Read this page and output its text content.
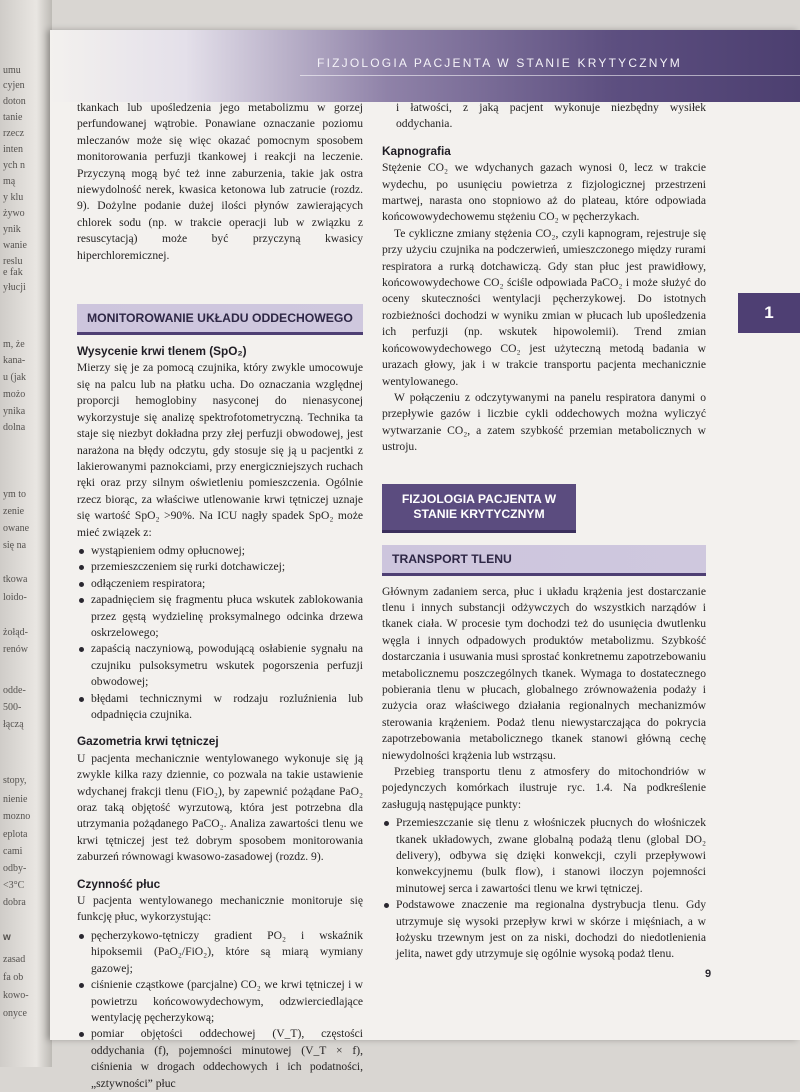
umu
cyjen
doton
tanie
rzecz
inten
ych n
mą
y klu
żywo
ynik
wanie
reslu
e fak
yłucji
m, że
kana-
u (jak
możo
ynika
dolna
ym to
zenie
owane
się na
tkowa
loido-
żołąd-
renów
odde-
500-
łączą
stopy,
nienie
mozno
eplota
cami
odby-
<3°C
dobra
w
zasad
fa ob
kowo-
onyce
FIZJOLOGIA PACJENTA W STANIE KRYTYCZNYM
1

tkankach lub upośledzenia jego metabolizmu w gorzej perfundowanej wątrobie. Ponawiane oznaczanie poziomu mleczanów może się więc okazać pomocnym sposobem monitorowania perfuzji tkankowej i reakcji na leczenie. Przyczyną mogą być też inne zaburzenia, takie jak ostra niewydolność nerek, kwasica ketonowa lub zatrucie (rozdz. 9). Dożylne podanie dużej ilości płynów zawierających chlorek sodu (np. w trakcie operacji lub w związku z resuscytacją) może być przyczyną kwasicy hiperchloremicznej.

MONITOROWANIE UKŁADU ODDECHOWEGO
Wysycenie krwi tlenem (SpO₂)

Mierzy się je za pomocą czujnika, który zwykle umocowuje się na palcu lub na płatku ucha. Do oznaczania względnej proporcji hemoglobiny nasyconej do nienasyconej wykorzystuje się analizę spektrofotometryczną. Technika ta staje się niezbyt dokładna przy złej perfuzji obwodowej, jest narażona na błędy odczytu, gdy stosuje się ją u pacjentki z lakierowanymi paznokciami, przy energiczniejszych ruchach ręki oraz przy silnym oświetleniu pomieszczenia. Ogólnie rzecz biorąc, za właściwe utlenowanie krwi tętniczej uznaje się wartość SpO₂ >90%. Na ICU nagły spadek SpO₂ może mieć związek z:

wystąpieniem odmy opłucnowej;
przemieszczeniem się rurki dotchawiczej;
odłączeniem respiratora;
zapadnięciem się fragmentu płuca wskutek zablokowania przez gęstą wydzielinę proksymalnego odcinka drzewa oskrzelowego;
zapaścią naczyniową, powodującą osłabienie sygnału na czujniku pulsoksymetru wskutek pogorszenia perfuzji obwodowej;
błędami technicznymi w rodzaju rozluźnienia lub odpadnięcia czujnika.
Gazometria krwi tętniczej

U pacjenta mechanicznie wentylowanego wykonuje się ją zwykle kilka razy dziennie, co pozwala na takie ustawienie wdychanej frakcji tlenu (FiO₂), by zapewnić pożądane PaO₂ oraz taką objętość wyrzutową, która jest potrzebna dla utrzymania pożądanego PaCO₂. Analiza zawartości tlenu we krwi tętniczej jest też dobrym sposobem monitorowania zaburzeń równowagi kwasowo-zasadowej (rozdz. 9).

Czynność płuc

U pacjenta wentylowanego mechanicznie monitoruje się funkcję płuc, wykorzystując:

pęcherzykowo-tętniczy gradient PO₂ i wskaźnik hipoksemii (PaO₂/FiO₂), które są miarą wymiany gazowej;
ciśnienie cząstkowe (parcjalne) CO₂ we krwi tętniczej i w powietrzu końcowowydechowym, odzwierciedlające wentylację pęcherzykową;
pomiar objętości oddechowej (V_T), częstości oddychania (f), pojemności minutowej (V_T × f), ciśnienia w drogach oddechowych i ich podatności, „sztywności” płuc

i łatwości, z jaką pacjent wykonuje niezbędny wysiłek oddychania.

Kapnografia

Stężenie CO₂ we wdychanych gazach wynosi 0, lecz w trakcie wydechu, po usunięciu powietrza z fizjologicznej przestrzeni martwej, narasta ono stopniowo aż do plateau, które odpowiada końcowowydechowemu stężeniu CO₂ w pęcherzykach.

Te cykliczne zmiany stężenia CO₂, czyli kapnogram, rejestruje się przy użyciu czujnika na podczerwień, umieszczonego między rurami respiratora a rurką dotchawiczą. Gdy stan płuc jest prawidłowy, końcowowydechowe CO₂ ściśle odpowiada PaCO₂ i może służyć do oceny skuteczności wentylacji pęcherzykowej. Do istotnych rozbieżności dochodzi w wyniku zmian w płucach lub upośledzenia ich perfuzji (np. wskutek hipowolemii). Trend zmian końcowowydechowego CO₂ jest użyteczną metodą badania w urazach głowy, jak i w trakcie transportu pacjenta mechanicznie wentylowanego.

W połączeniu z odczytywanymi na panelu respiratora danymi o przepływie gazów i liczbie cykli oddechowych można wyliczyć wytwarzanie CO₂, a zatem szybkość przemian metabolicznych w ustroju.

FIZJOLOGIA PACJENTA W STANIE KRYTYCZNYM
TRANSPORT TLENU

Głównym zadaniem serca, płuc i układu krążenia jest dostarczanie tlenu i innych substancji odżywczych do wszystkich narządów i tkanek ciała. W procesie tym dochodzi też do usunięcia dwutlenku węgla i innych odpadowych produktów metabolizmu. Szybkość dostarczania i usuwania musi sprostać konkretnemu zapotrzebowaniu metabolicznemu poszczególnych tkanek. Wymaga to dostatecznego pobierania tlenu w płucach, globalnego zrównoważenia podaży i zużycia oraz właściwego działania regionalnych mechanizmów sterowania krążeniem. Podaż tlenu niewystarczająca do pokrycia zapotrzebowania metabolicznego tkanek stanowi główną cechę niewydolności krążenia lub wstrząsu.

Przebieg transportu tlenu z atmosfery do mitochondriów w pojedynczych komórkach ilustruje ryc. 1.4. Na podkreślenie zasługują następujące punkty:

Przemieszczanie się tlenu z włośniczek płucnych do włośniczek tkanek układowych, zwane globalną podażą tlenu (global DO₂ delivery), odbywa się dzięki konwekcji, czyli przepływowi konwekcyjnemu (bulk flow), i stanowi iloczyn pojemności minutowej serca i zawartości tlenu we krwi tętniczej.
Podstawowe znaczenie ma regionalna dystrybucja tlenu. Gdy utrzymuje się wysoki przepływ krwi w skórze i mięśniach, a w łożysku trzewnym jest on za niski, dochodzi do niedotlenienia jelita, nawet gdy utrzymuje się ogólnie wysoką podaż tlenu.
9
